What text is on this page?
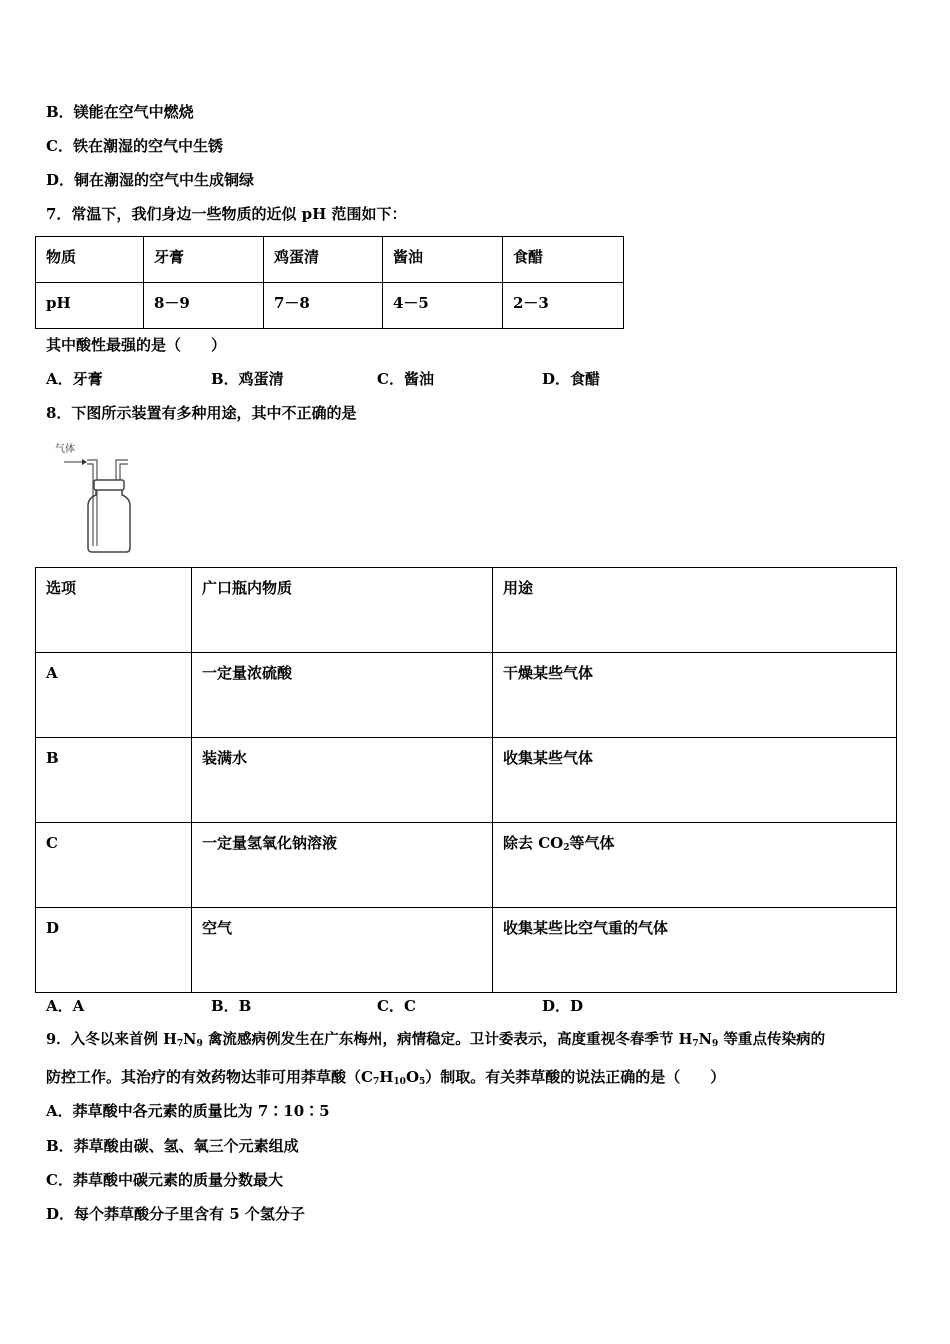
B．镁能在空气中燃烧
C．铁在潮湿的空气中生锈
D．铜在潮湿的空气中生成铜绿
7．常温下，我们身边一些物质的近似 pH 范围如下：
物质	牙膏	鸡蛋清	酱油	食醋
pH	8－9	7－8	4－5	2－3
其中酸性最强的是（　　）
A．牙膏	B．鸡蛋清	C．酱油	D．食醋
8．下图所示装置有多种用途，其中不正确的是
气体
选项	广口瓶内物质	用途
A	一定量浓硫酸	干燥某些气体
B	装满水	收集某些气体
C	一定量氢氧化钠溶液	除去 $CO_2$等气体
D	空气	收集某些比空气重的气体
A．A	B．B	C．C	D．D
9．入冬以来首例 $H_7N_9$ 禽流感病例发生在广东梅州，病情稳定。卫计委表示，高度重视冬春季节 $H_7N_9$ 等重点传染病的
防控工作。其治疗的有效药物达菲可用莽草酸$(C_7H_{10}O_5)$制取。有关莽草酸的说法正确的是（　　）
A．莽草酸中各元素的质量比为 7∶10∶5
B．莽草酸由碳、氢、氧三个元素组成
C．莽草酸中碳元素的质量分数最大
D．每个莽草酸分子里含有 5 个氢分子
